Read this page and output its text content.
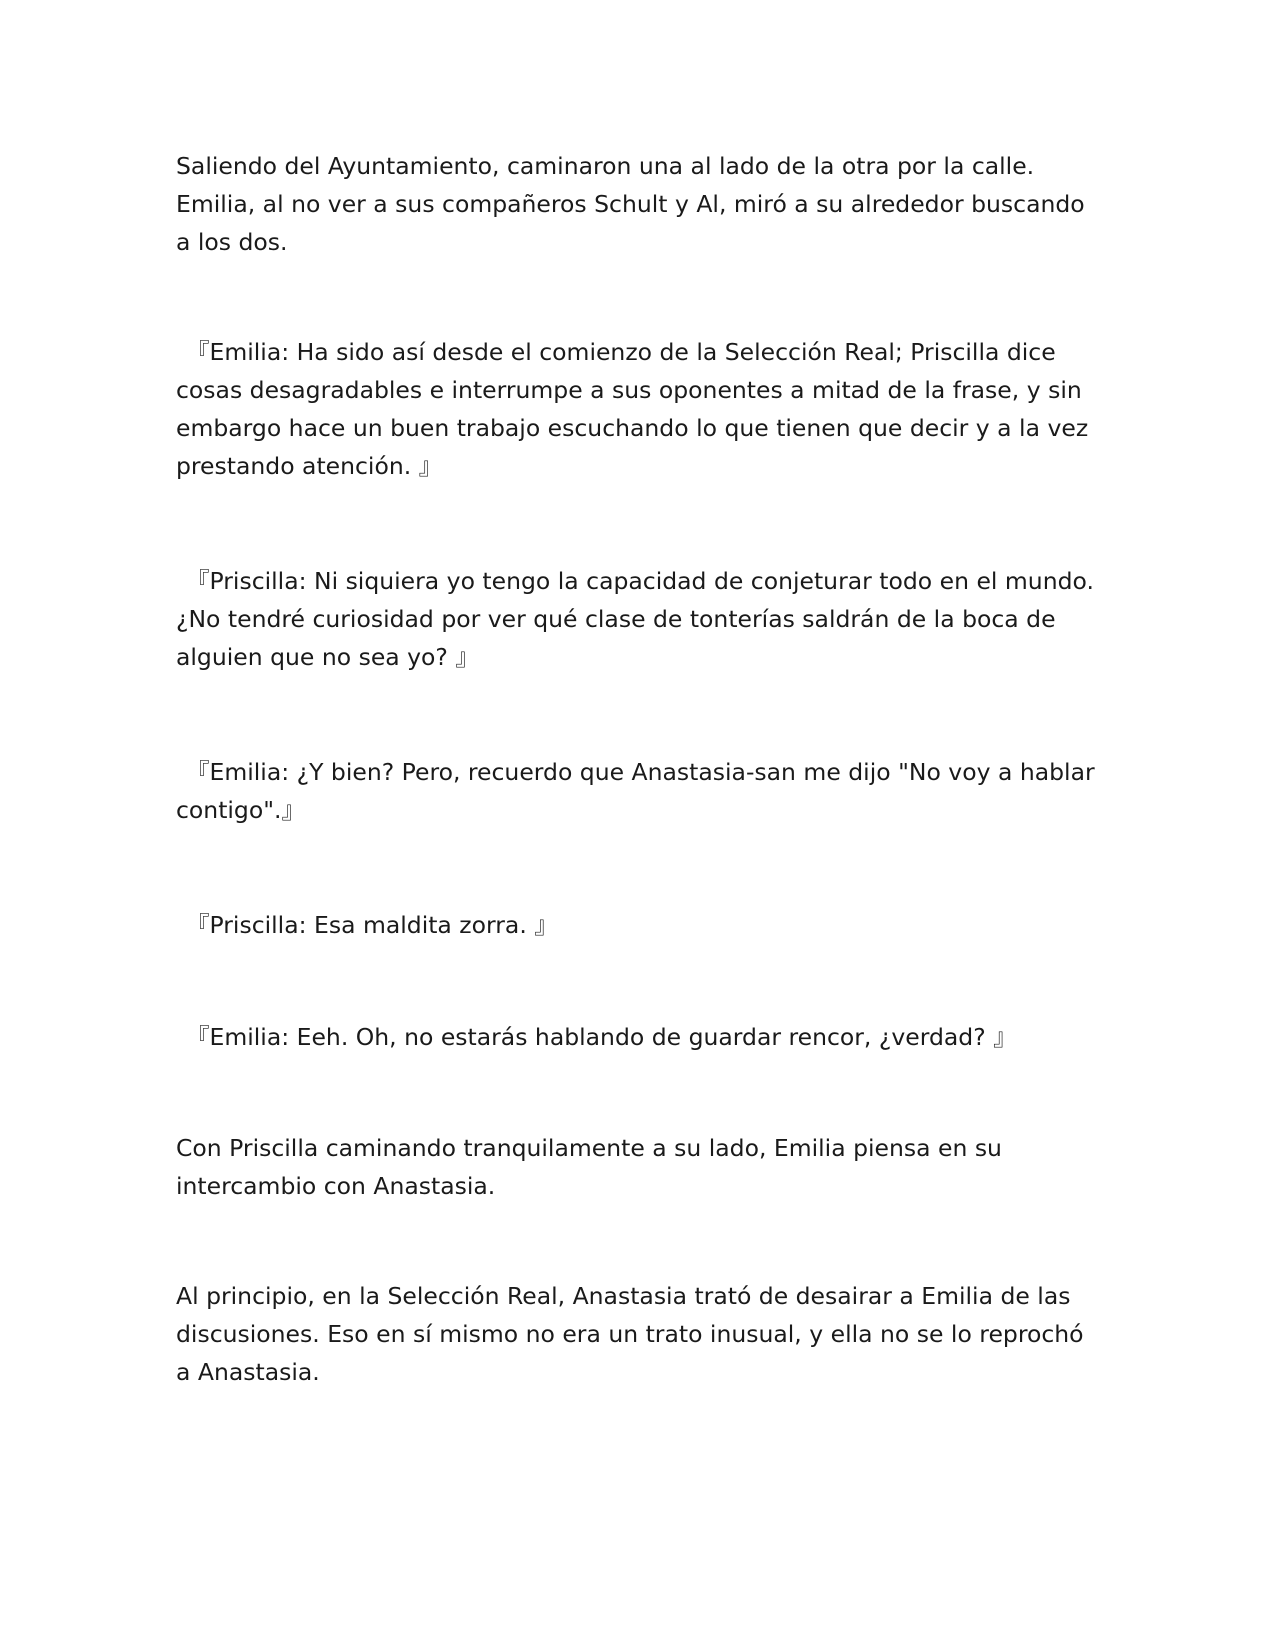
Saliendo del Ayuntamiento, caminaron una al lado de la otra por la calle. Emilia, al no ver a sus compañeros Schult y Al, miró a su alrededor buscando a los dos.

『Emilia: Ha sido así desde el comienzo de la Selección Real; Priscilla dice cosas desagradables e interrumpe a sus oponentes a mitad de la frase, y sin embargo hace un buen trabajo escuchando lo que tienen que decir y a la vez prestando atención. 』

『Priscilla: Ni siquiera yo tengo la capacidad de conjeturar todo en el mundo. ¿No tendré curiosidad por ver qué clase de tonterías saldrán de la boca de alguien que no sea yo? 』

『Emilia: ¿Y bien? Pero, recuerdo que Anastasia-san me dijo "No voy a hablar contigo".』

『Priscilla: Esa maldita zorra. 』

『Emilia: Eeh. Oh, no estarás hablando de guardar rencor, ¿verdad? 』

Con Priscilla caminando tranquilamente a su lado, Emilia piensa en su intercambio con Anastasia.

Al principio, en la Selección Real, Anastasia trató de desairar a Emilia de las discusiones. Eso en sí mismo no era un trato inusual, y ella no se lo reprochó a Anastasia.
